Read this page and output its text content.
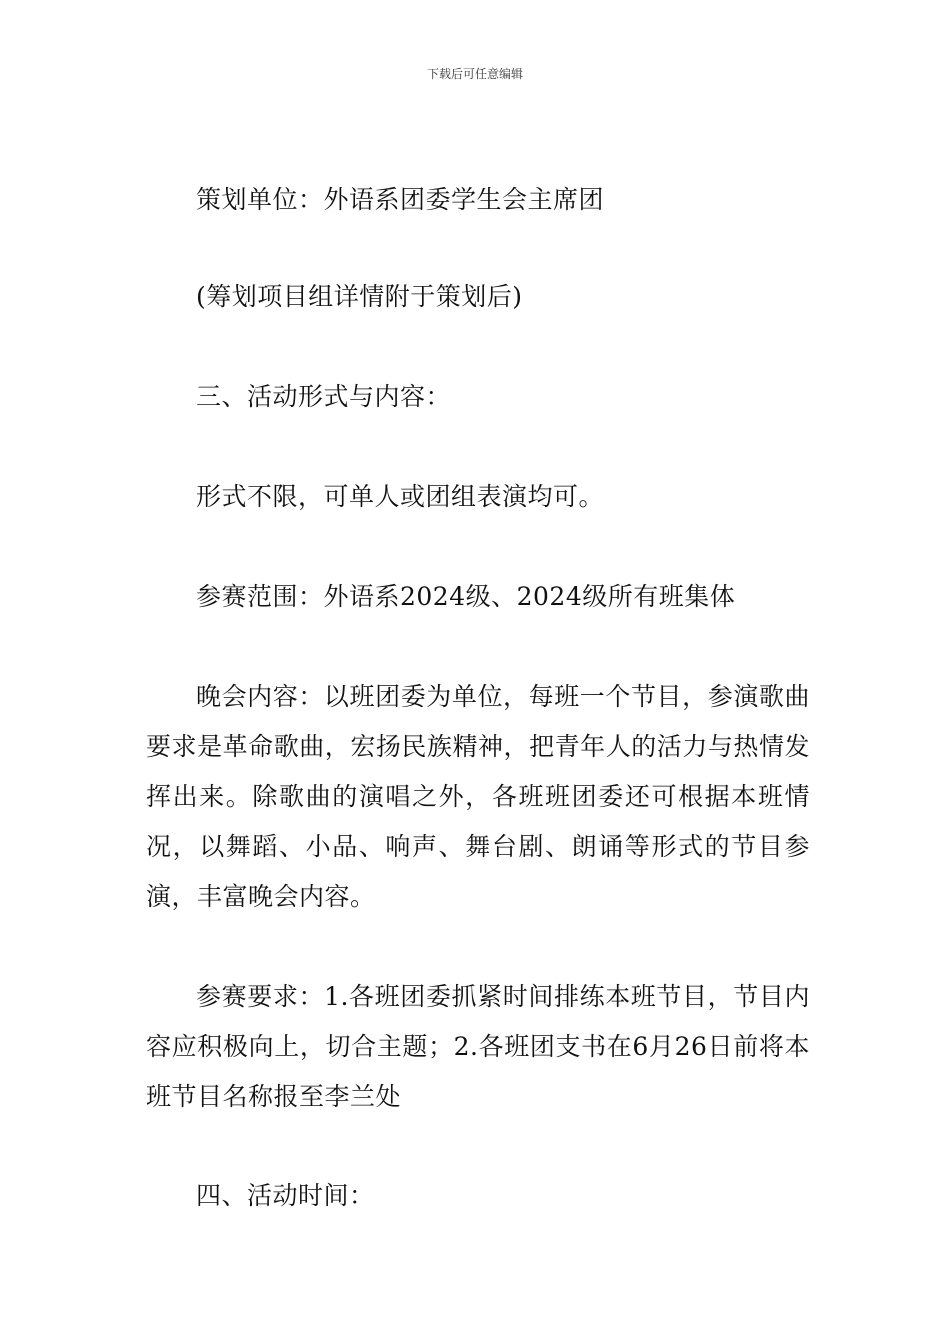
下载后可任意编辑

策划单位：外语系团委学生会主席团

(筹划项目组详情附于策划后)

三、活动形式与内容：

形式不限，可单人或团组表演均可。

参赛范围：外语系2024级、2024级所有班集体

晚会内容：以班团委为单位，每班一个节目，参演歌曲要求是革命歌曲，宏扬民族精神，把青年人的活力与热情发挥出来。除歌曲的演唱之外，各班班团委还可根据本班情况，以舞蹈、小品、响声、舞台剧、朗诵等形式的节目参演，丰富晚会内容。

参赛要求：1.各班团委抓紧时间排练本班节目，节目内容应积极向上，切合主题；2.各班团支书在6月26日前将本班节目名称报至李兰处

四、活动时间：
